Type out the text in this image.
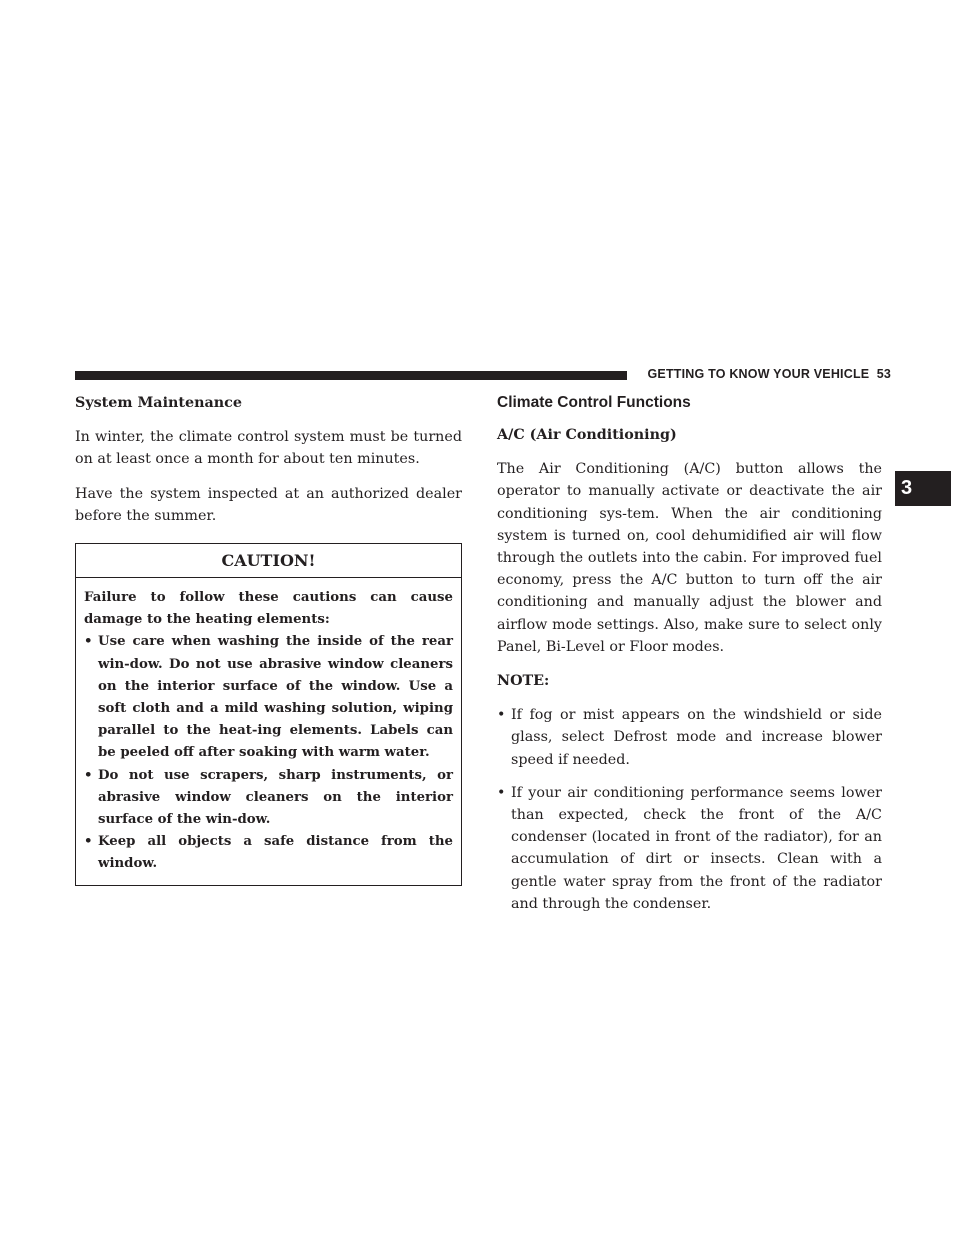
GETTING TO KNOW YOUR VEHICLE 53
3
System Maintenance

In winter, the climate control system must be turned on at least once a month for about ten minutes.

Have the system inspected at an authorized dealer before the summer.

CAUTION!

Failure to follow these cautions can cause damage to the heating elements:

• Use care when washing the inside of the rear win-dow. Do not use abrasive window cleaners on the interior surface of the window. Use a soft cloth and a mild washing solution, wiping parallel to the heat-ing elements. Labels can be peeled off after soaking with warm water.
• Do not use scrapers, sharp instruments, or abrasive window cleaners on the interior surface of the win-dow.
• Keep all objects a safe distance from the window.
Climate Control Functions
A/C (Air Conditioning)

The Air Conditioning (A/C) button allows the operator to manually activate or deactivate the air conditioning sys-tem. When the air conditioning system is turned on, cool dehumidified air will flow through the outlets into the cabin. For improved fuel economy, press the A/C button to turn off the air conditioning and manually adjust the blower and airflow mode settings. Also, make sure to select only Panel, Bi-Level or Floor modes.

NOTE:
• If fog or mist appears on the windshield or side glass, select Defrost mode and increase blower speed if needed.
• If your air conditioning performance seems lower than expected, check the front of the A/C condenser (located in front of the radiator), for an accumulation of dirt or insects. Clean with a gentle water spray from the front of the radiator and through the condenser.
